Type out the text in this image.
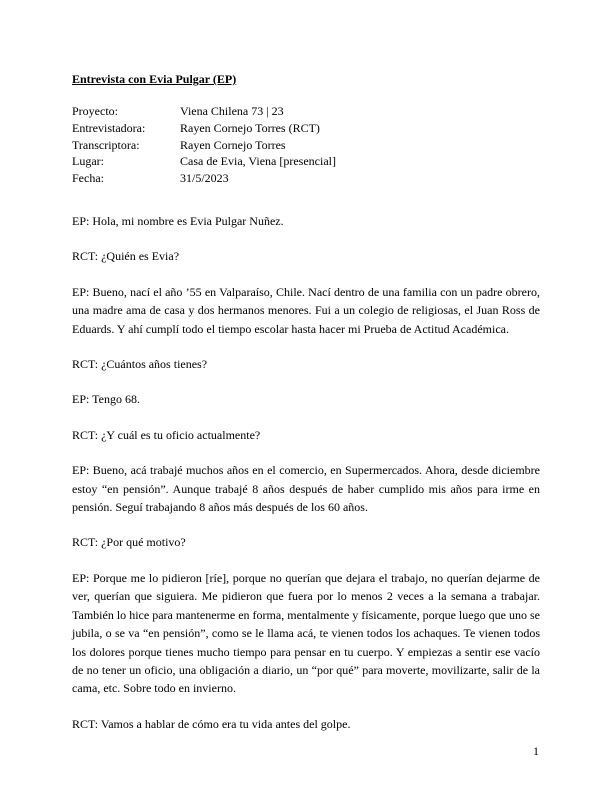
Entrevista con Evia Pulgar (EP)
Proyecto:	Viena Chilena 73 | 23
Entrevistadora:	Rayen Cornejo Torres (RCT)
Transcriptora:	Rayen Cornejo Torres
Lugar:	Casa de Evia, Viena [presencial]
Fecha:	31/5/2023

EP: Hola, mi nombre es Evia Pulgar Nuñez.

RCT: ¿Quién es Evia?

EP: Bueno, nací el año ’55 en Valparaíso, Chile. Nací dentro de una familia con un padre obrero, una madre ama de casa y dos hermanos menores. Fui a un colegio de religiosas, el Juan Ross de Eduards. Y ahí cumplí todo el tiempo escolar hasta hacer mi Prueba de Actitud Académica.

RCT: ¿Cuántos años tienes?

EP: Tengo 68.

RCT: ¿Y cuál es tu oficio actualmente?

EP: Bueno, acá trabajé muchos años en el comercio, en Supermercados. Ahora, desde diciembre estoy “en pensión”. Aunque trabajé 8 años después de haber cumplido mis años para irme en pensión. Seguí trabajando 8 años más después de los 60 años.

RCT: ¿Por qué motivo?

EP: Porque me lo pidieron [ríe], porque no querían que dejara el trabajo, no querían dejarme de ver, querían que siguiera. Me pidieron que fuera por lo menos 2 veces a la semana a trabajar. También lo hice para mantenerme en forma, mentalmente y físicamente, porque luego que uno se jubila, o se va “en pensión”, como se le llama acá, te vienen todos los achaques. Te vienen todos los dolores porque tienes mucho tiempo para pensar en tu cuerpo. Y empiezas a sentir ese vacío de no tener un oficio, una obligación a diario, un “por qué” para moverte, movilizarte, salir de la cama, etc. Sobre todo en invierno.

RCT: Vamos a hablar de cómo era tu vida antes del golpe.

1
